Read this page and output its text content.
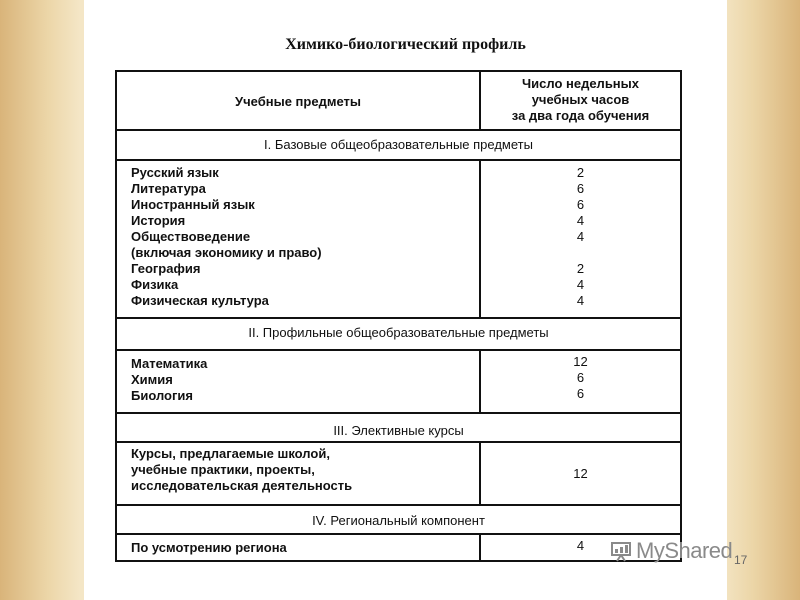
Химико-биологический профиль
Учебные предметы
Число недельных
учебных часов
за два года обучения
I. Базовые общеобразовательные предметы
Русский язык
Литература
Иностранный язык
История
Обществоведение
(включая экономику и право)
География
Физика
Физическая культура
2
6
6
4
4
2
4
4
II. Профильные общеобразовательные предметы
Математика
Химия
Биология
12
6
6
III. Элективные курсы
Курсы, предлагаемые школой,
учебные практики, проекты,
исследовательская деятельность
12
IV. Региональный компонент
По усмотрению региона	4	MyShared 17
